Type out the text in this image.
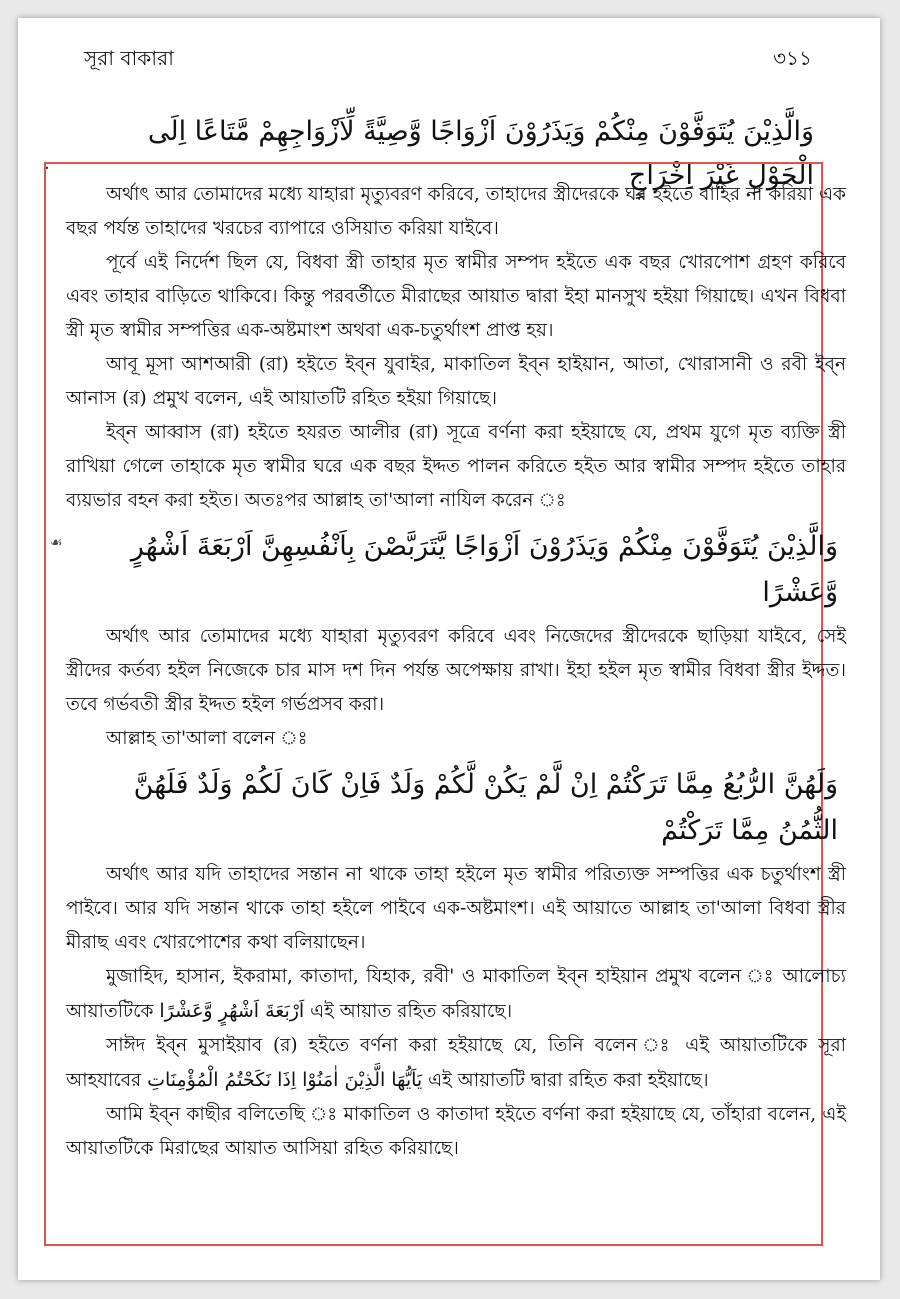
সূরা বাকারা	৩১১
وَالَّذِيْنَ يُتَوَفَّوْنَ مِنْكُمْ وَيَذَرُوْنَ اَزْوَاجًا وَّصِيَّةً لِّاَزْوَاجِهِمْ مَّتَاعًا اِلَى الْحَوْلِ غَيْرَ اِخْرَاجٍ
·
☙

অর্থাৎ আর তোমাদের মধ্যে যাহারা মৃত্যুবরণ করিবে, তাহাদের স্ত্রীদেরকে ঘর হইতে বাহির না করিয়া এক বছর পর্যন্ত তাহাদের খরচের ব্যাপারে ওসিয়াত করিয়া যাইবে।

পূর্বে এই নির্দেশ ছিল যে, বিধবা স্ত্রী তাহার মৃত স্বামীর সম্পদ হইতে এক বছর খোরপোশ গ্রহণ করিবে এবং তাহার বাড়িতে থাকিবে। কিন্তু পরবর্তীতে মীরাছের আয়াত দ্বারা ইহা মানসুখ হইয়া গিয়াছে। এখন বিধবা স্ত্রী মৃত স্বামীর সম্পত্তির এক-অষ্টমাংশ অথবা এক-চতুর্থাংশ প্রাপ্ত হয়।

আবূ মূসা আশআরী (রা) হইতে ইব্ন যুবাইর, মাকাতিল ইব্ন হাইয়ান, আতা, খোরাসানী ও রবী ইব্ন আনাস (র) প্রমুখ বলেন, এই আয়াতটি রহিত হইয়া গিয়াছে।

ইব্ন আব্বাস (রা) হইতে হযরত আলীর (রা) সূত্রে বর্ণনা করা হইয়াছে যে, প্রথম যুগে মৃত ব্যক্তি স্ত্রী রাখিয়া গেলে তাহাকে মৃত স্বামীর ঘরে এক বছর ইদ্দত পালন করিতে হইত আর স্বামীর সম্পদ হইতে তাহার ব্যয়ভার বহন করা হইত। অতঃপর আল্লাহ তা'আলা নাযিল করেন ঃ

وَالَّذِيْنَ يُتَوَفَّوْنَ مِنْكُمْ وَيَذَرُوْنَ اَزْوَاجًا يَّتَرَبَّصْنَ بِاَنْفُسِهِنَّ اَرْبَعَةَ اَشْهُرٍ وَّعَشْرًا

অর্থাৎ আর তোমাদের মধ্যে যাহারা মৃত্যুবরণ করিবে এবং নিজেদের স্ত্রীদেরকে ছাড়িয়া যাইবে, সেই স্ত্রীদের কর্তব্য হইল নিজেকে চার মাস দশ দিন পর্যন্ত অপেক্ষায় রাখা। ইহা হইল মৃত স্বামীর বিধবা স্ত্রীর ইদ্দত। তবে গর্ভবতী স্ত্রীর ইদ্দত হইল গর্ভপ্রসব করা।

আল্লাহ তা'আলা বলেন ঃ

وَلَهُنَّ الرُّبُعُ مِمَّا تَرَكْتُمْ اِنْ لَّمْ يَكُنْ لَّكُمْ وَلَدٌ فَاِنْ كَانَ لَكُمْ وَلَدٌ فَلَهُنَّ الثُّمُنُ مِمَّا تَرَكْتُمْ

অর্থাৎ আর যদি তাহাদের সন্তান না থাকে তাহা হইলে মৃত স্বামীর পরিত্যক্ত সম্পত্তির এক চতুর্থাংশ স্ত্রী পাইবে। আর যদি সন্তান থাকে তাহা হইলে পাইবে এক-অষ্টমাংশ। এই আয়াতে আল্লাহ তা'আলা বিধবা স্ত্রীর মীরাছ এবং খোরপোশের কথা বলিয়াছেন।

মুজাহিদ, হাসান, ইকরামা, কাতাদা, যিহাক, রবী' ও মাকাতিল ইব্ন হাইয়ান প্রমুখ বলেন ঃ আলোচ্য আয়াতটিকে اَرْبَعَةَ اَشْهُرٍ وَّعَشْرًا এই আয়াত রহিত করিয়াছে।

সাঈদ ইব্ন মুসাইয়াব (র) হইতে বর্ণনা করা হইয়াছে যে, তিনি বলেন ঃ এই আয়াতটিকে সূরা আহযাবের يَاَيُّهَا الَّذِيْنَ اٰمَنُوْا اِذَا نَكَحْتُمُ الْمُؤْمِنَاتِ এই আয়াতটি দ্বারা রহিত করা হইয়াছে।

আমি ইব্ন কাছীর বলিতেছি ঃ মাকাতিল ও কাতাদা হইতে বর্ণনা করা হইয়াছে যে, তাঁহারা বলেন, এই আয়াতটিকে মিরাছের আয়াত আসিয়া রহিত করিয়াছে।
